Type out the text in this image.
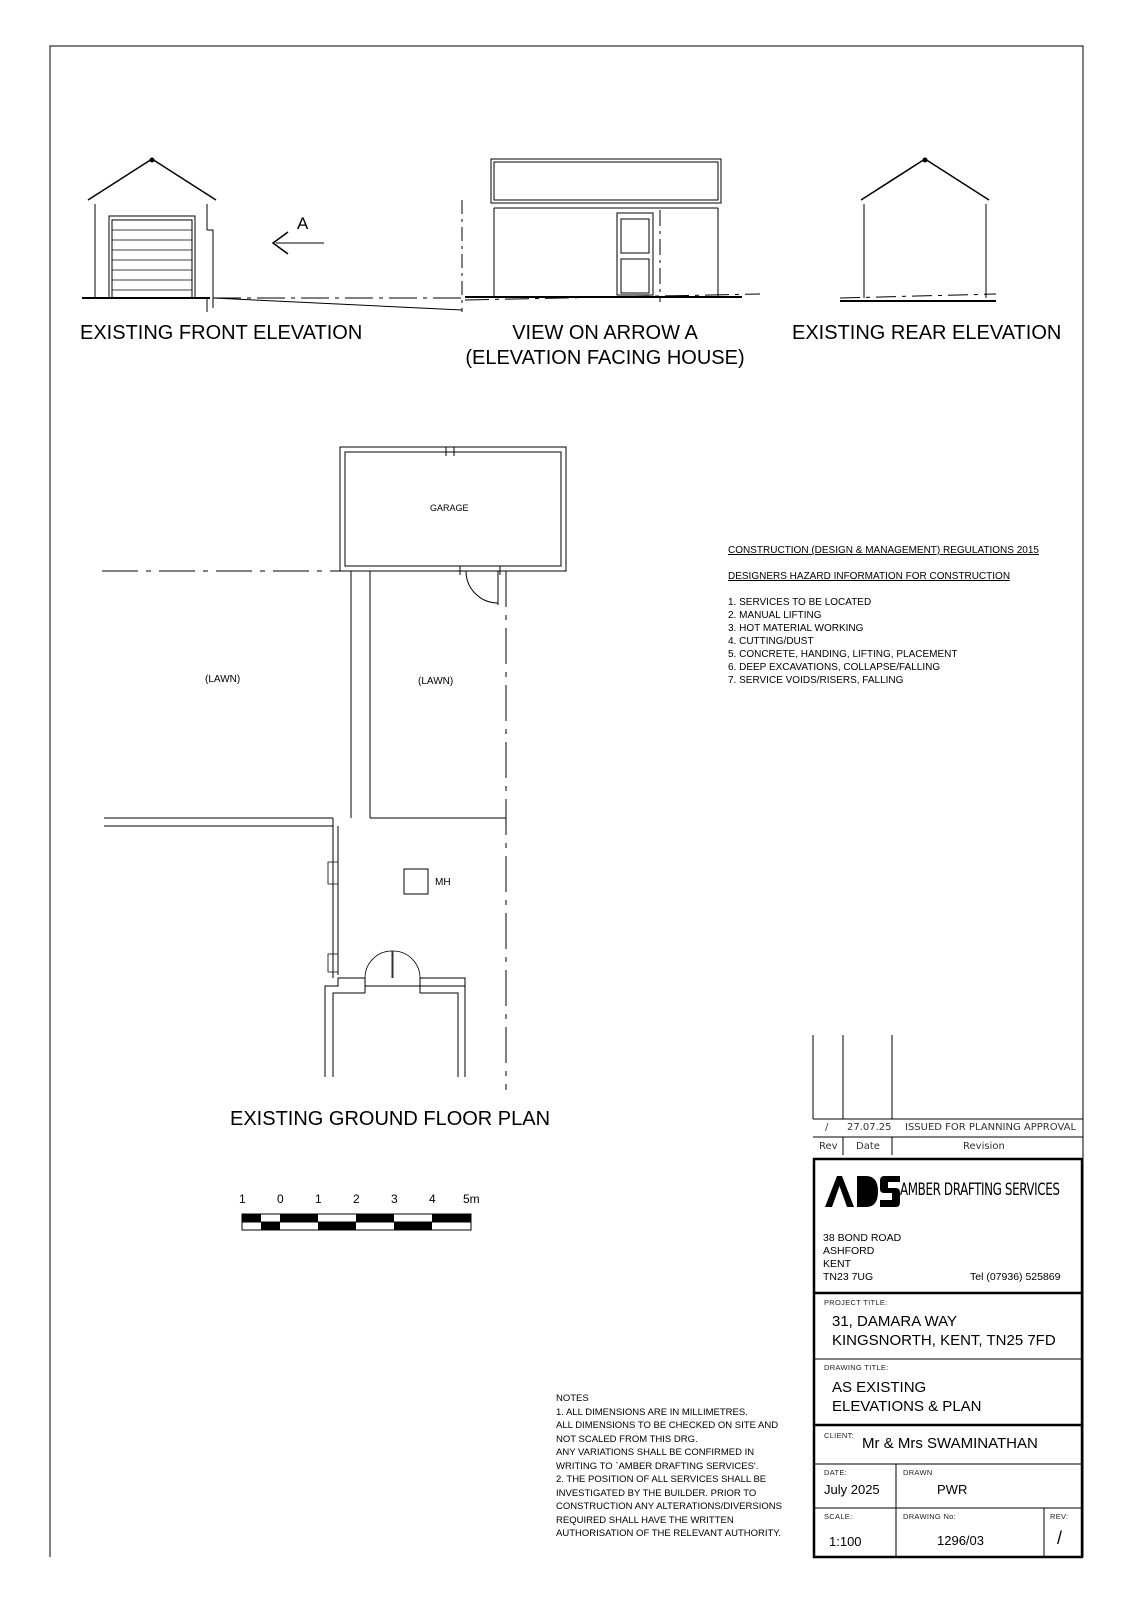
EXISTING FRONT ELEVATION	VIEW ON ARROW A
(ELEVATION FACING HOUSE)
EXISTING REAR ELEVATION
A
GARAGE
(LAWN)	(LAWN)
MH
EXISTING GROUND FLOOR PLAN
1	0	1	2	3	4 5m
CONSTRUCTION (DESIGN & MANAGEMENT) REGULATIONS 2015
DESIGNERS HAZARD INFORMATION FOR CONSTRUCTION
1. SERVICES TO BE LOCATED
2. MANUAL LIFTING
3. HOT MATERIAL WORKING
4. CUTTING/DUST
5. CONCRETE, HANDING, LIFTING, PLACEMENT
6. DEEP EXCAVATIONS, COLLAPSE/FALLING
7. SERVICE VOIDS/RISERS, FALLING
NOTES
1. ALL DIMENSIONS ARE IN MILLIMETRES.
ALL DIMENSIONS TO BE CHECKED ON SITE AND
NOT SCALED FROM THIS DRG.
ANY VARIATIONS SHALL BE CONFIRMED IN
WRITING TO `AMBER DRAFTING SERVICES'.
2. THE POSITION OF ALL SERVICES SHALL BE
INVESTIGATED BY THE BUILDER. PRIOR TO
CONSTRUCTION ANY ALTERATIONS/DIVERSIONS
REQUIRED SHALL HAVE THE WRITTEN
AUTHORISATION OF THE RELEVANT AUTHORITY.
/ 27.07.25 ISSUED FOR PLANNING APPROVAL
Rev Date	Revision
AMBER DRAFTING SERVICES
38 BOND ROAD
ASHFORD
KENT
TN23 7UG	Tel (07936) 525869
PROJECT TITLE:
31, DAMARA WAY
KINGSNORTH, KENT, TN25 7FD
DRAWING TITLE:
AS EXISTING
ELEVATIONS & PLAN
CLIENT: Mr & Mrs SWAMINATHAN
DATE:
July 2025
DRAWN
PWR
SCALE:
1:100
DRAWING No:
1296/03
REV:
/
